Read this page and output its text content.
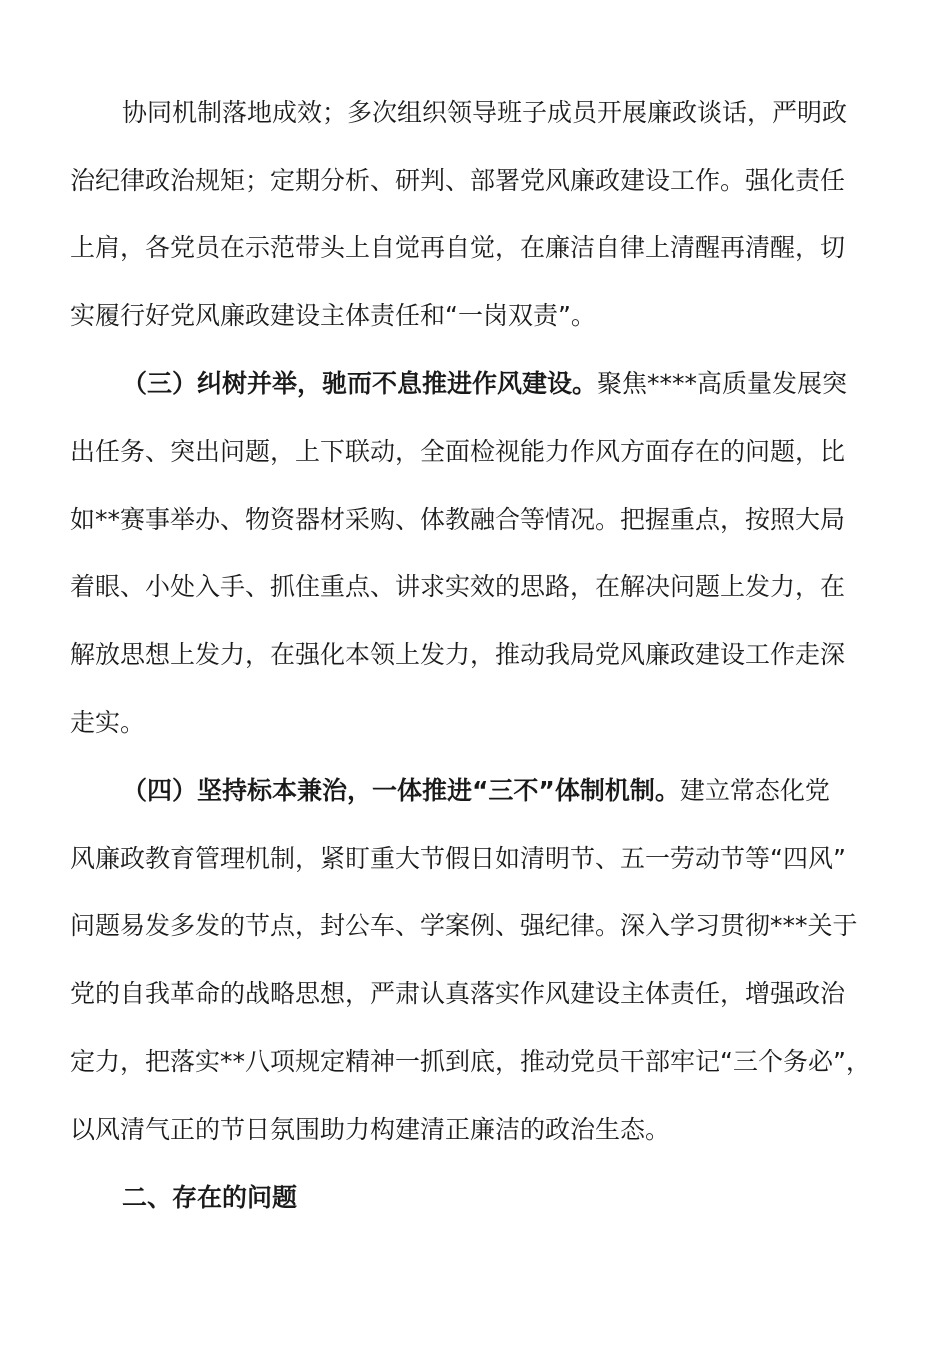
协同机制落地成效；多次组织领导班子成员开展廉政谈话，严明政
治纪律政治规矩；定期分析、研判、部署党风廉政建设工作。强化责任
上肩，各党员在示范带头上自觉再自觉，在廉洁自律上清醒再清醒，切
实履行好党风廉政建设主体责任和“一岗双责”。
（三）纠树并举，驰而不息推进作风建设。聚焦****高质量发展突
出任务、突出问题，上下联动，全面检视能力作风方面存在的问题，比
如**赛事举办、物资器材采购、体教融合等情况。把握重点，按照大局
着眼、小处入手、抓住重点、讲求实效的思路，在解决问题上发力，在
解放思想上发力，在强化本领上发力，推动我局党风廉政建设工作走深
走实。
（四）坚持标本兼治，一体推进“三不”体制机制。建立常态化党
风廉政教育管理机制，紧盯重大节假日如清明节、五一劳动节等“四风”
问题易发多发的节点，封公车、学案例、强纪律。深入学习贯彻***关于
党的自我革命的战略思想，严肃认真落实作风建设主体责任，增强政治
定力，把落实**八项规定精神一抓到底，推动党员干部牢记“三个务必”，
以风清气正的节日氛围助力构建清正廉洁的政治生态。
二、存在的问题
